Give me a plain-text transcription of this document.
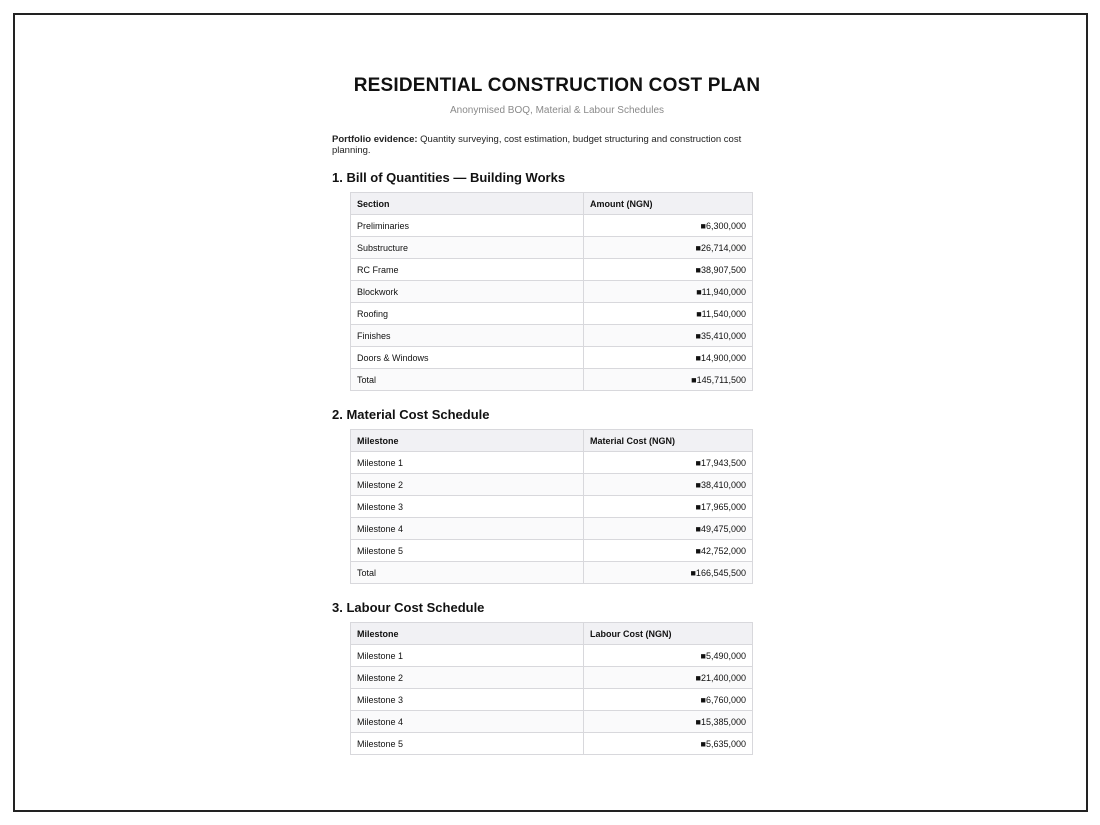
RESIDENTIAL CONSTRUCTION COST PLAN
Anonymised BOQ, Material & Labour Schedules
Portfolio evidence: Quantity surveying, cost estimation, budget structuring and construction cost planning.
1. Bill of Quantities — Building Works
Section	Amount (NGN)
Preliminaries	■6,300,000
Substructure	■26,714,000
RC Frame	■38,907,500
Blockwork	■11,940,000
Roofing	■11,540,000
Finishes	■35,410,000
Doors & Windows	■14,900,000
Total	■145,711,500
2. Material Cost Schedule
Milestone	Material Cost (NGN)
Milestone 1	■17,943,500
Milestone 2	■38,410,000
Milestone 3	■17,965,000
Milestone 4	■49,475,000
Milestone 5	■42,752,000
Total	■166,545,500
3. Labour Cost Schedule
Milestone	Labour Cost (NGN)
Milestone 1	■5,490,000
Milestone 2	■21,400,000
Milestone 3	■6,760,000
Milestone 4	■15,385,000
Milestone 5	■5,635,000
